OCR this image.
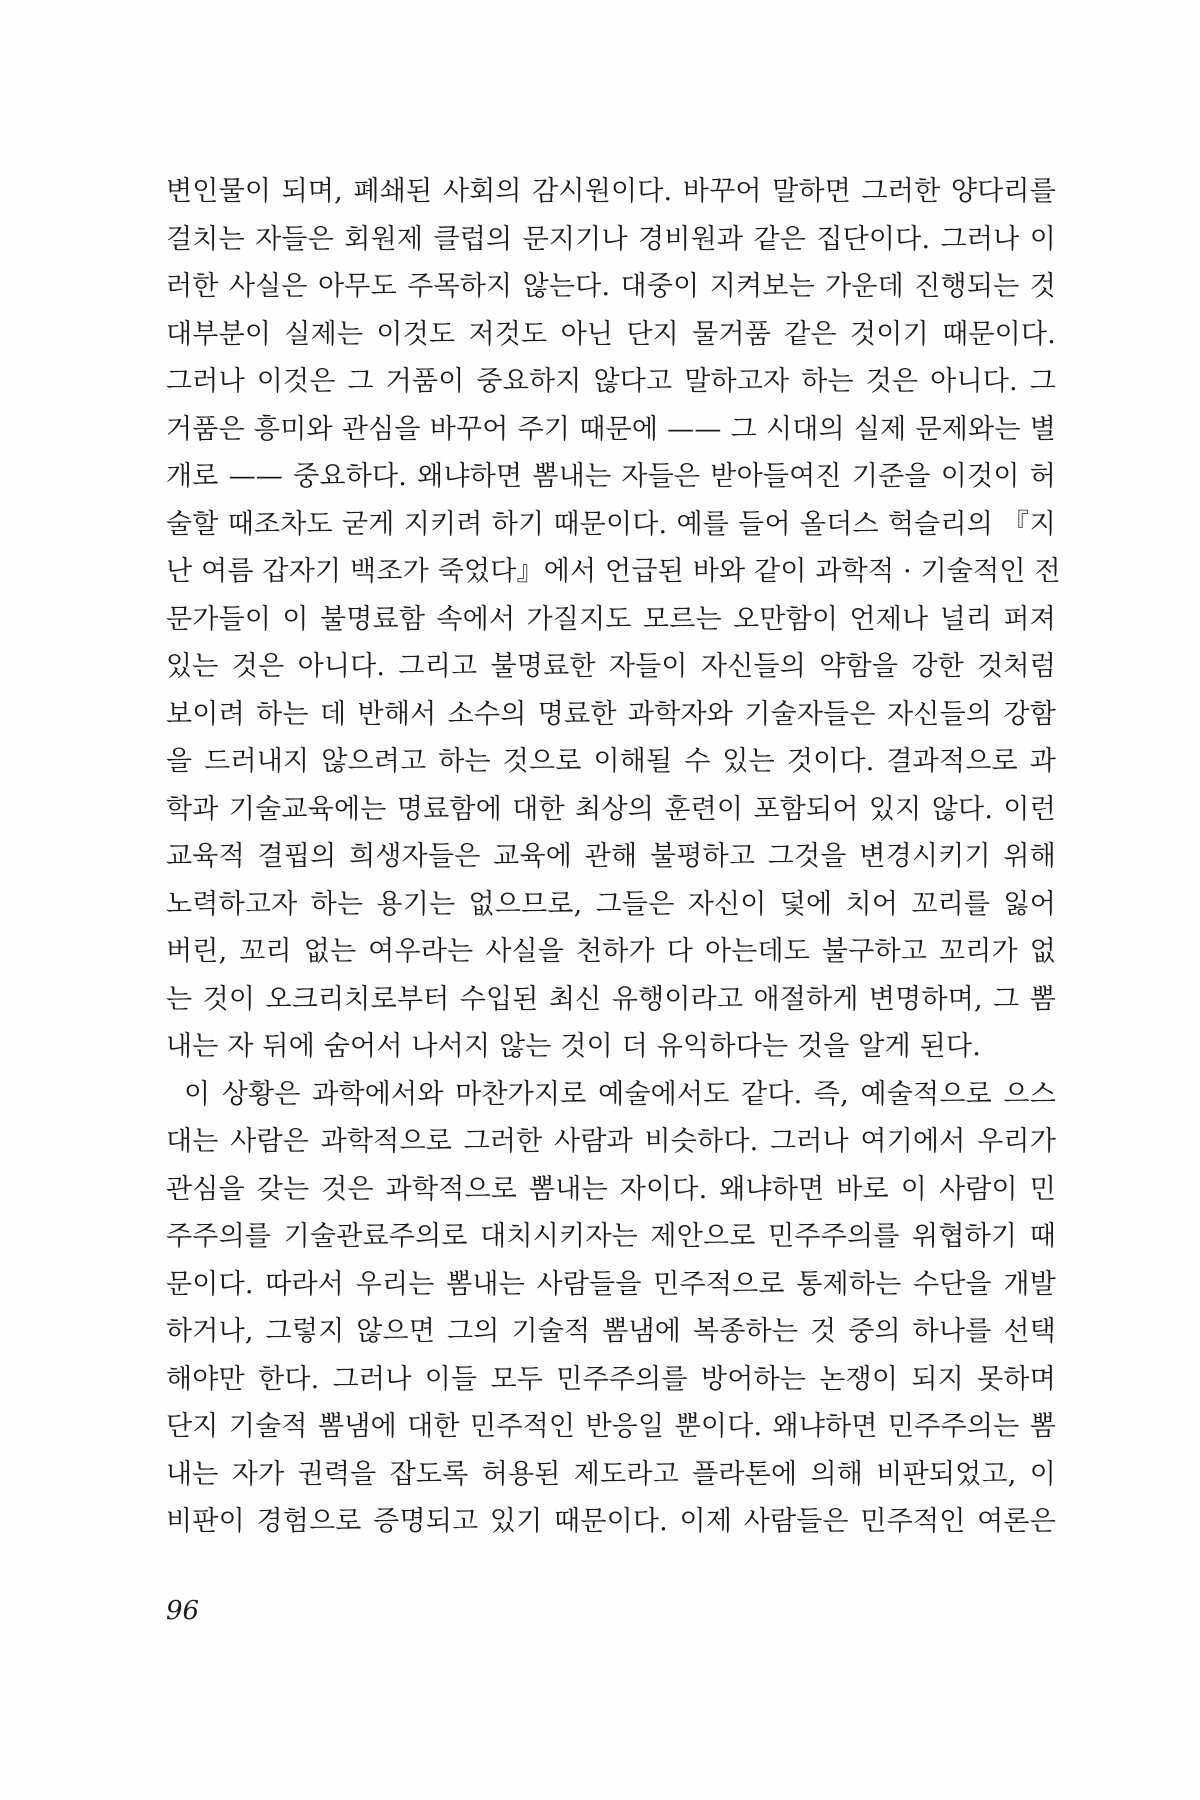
변인물이 되며, 폐쇄된 사회의 감시원이다. 바꾸어 말하면 그러한 양다리를
걸치는 자들은 회원제 클럽의 문지기나 경비원과 같은 집단이다. 그러나 이
러한 사실은 아무도 주목하지 않는다. 대중이 지켜보는 가운데 진행되는 것
대부분이 실제는 이것도 저것도 아닌 단지 물거품 같은 것이기 때문이다.
그러나 이것은 그 거품이 중요하지 않다고 말하고자 하는 것은 아니다. 그
거품은 흥미와 관심을 바꾸어 주기 때문에 —— 그 시대의 실제 문제와는 별
개로 —— 중요하다. 왜냐하면 뽐내는 자들은 받아들여진 기준을 이것이 허
술할 때조차도 굳게 지키려 하기 때문이다. 예를 들어 올더스 헉슬리의 『지
난 여름 갑자기 백조가 죽었다』에서 언급된 바와 같이 과학적 · 기술적인 전
문가들이 이 불명료함 속에서 가질지도 모르는 오만함이 언제나 널리 퍼져
있는 것은 아니다. 그리고 불명료한 자들이 자신들의 약함을 강한 것처럼
보이려 하는 데 반해서 소수의 명료한 과학자와 기술자들은 자신들의 강함
을 드러내지 않으려고 하는 것으로 이해될 수 있는 것이다. 결과적으로 과
학과 기술교육에는 명료함에 대한 최상의 훈련이 포함되어 있지 않다. 이런
교육적 결핍의 희생자들은 교육에 관해 불평하고 그것을 변경시키기 위해
노력하고자 하는 용기는 없으므로, 그들은 자신이 덫에 치어 꼬리를 잃어
버린, 꼬리 없는 여우라는 사실을 천하가 다 아는데도 불구하고 꼬리가 없
는 것이 오크리치로부터 수입된 최신 유행이라고 애절하게 변명하며, 그 뽐
내는 자 뒤에 숨어서 나서지 않는 것이 더 유익하다는 것을 알게 된다.
이 상황은 과학에서와 마찬가지로 예술에서도 같다. 즉, 예술적으로 으스
대는 사람은 과학적으로 그러한 사람과 비슷하다. 그러나 여기에서 우리가
관심을 갖는 것은 과학적으로 뽐내는 자이다. 왜냐하면 바로 이 사람이 민
주주의를 기술관료주의로 대치시키자는 제안으로 민주주의를 위협하기 때
문이다. 따라서 우리는 뽐내는 사람들을 민주적으로 통제하는 수단을 개발
하거나, 그렇지 않으면 그의 기술적 뽐냄에 복종하는 것 중의 하나를 선택
해야만 한다. 그러나 이들 모두 민주주의를 방어하는 논쟁이 되지 못하며
단지 기술적 뽐냄에 대한 민주적인 반응일 뿐이다. 왜냐하면 민주주의는 뽐
내는 자가 권력을 잡도록 허용된 제도라고 플라톤에 의해 비판되었고, 이
비판이 경험으로 증명되고 있기 때문이다. 이제 사람들은 민주적인 여론은
96
